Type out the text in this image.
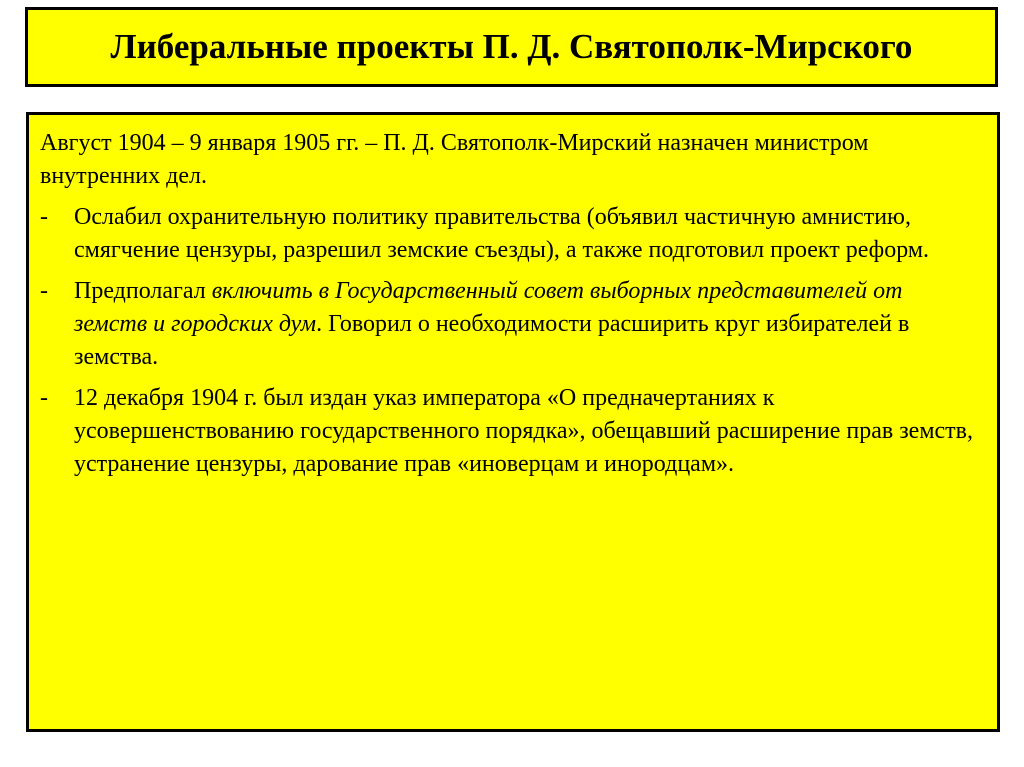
Либеральные проекты П. Д. Святополк-Мирского
Август 1904 – 9 января 1905 гг. – П. Д. Святополк-Мирский назначен министром внутренних дел.
-	Ослабил охранительную политику правительства (объявил частичную амнистию, смягчение цензуры, разрешил земские съезды), а также подготовил проект реформ.
-	Предполагал включить в Государственный совет выборных представителей от земств и городских дум. Говорил о необходимости расширить круг избирателей в земства.
-	12 декабря 1904 г. был издан указ императора «О предначертаниях к усовершенствованию государственного порядка», обещавший расширение прав земств, устранение цензуры, дарование прав «иноверцам и инородцам».
